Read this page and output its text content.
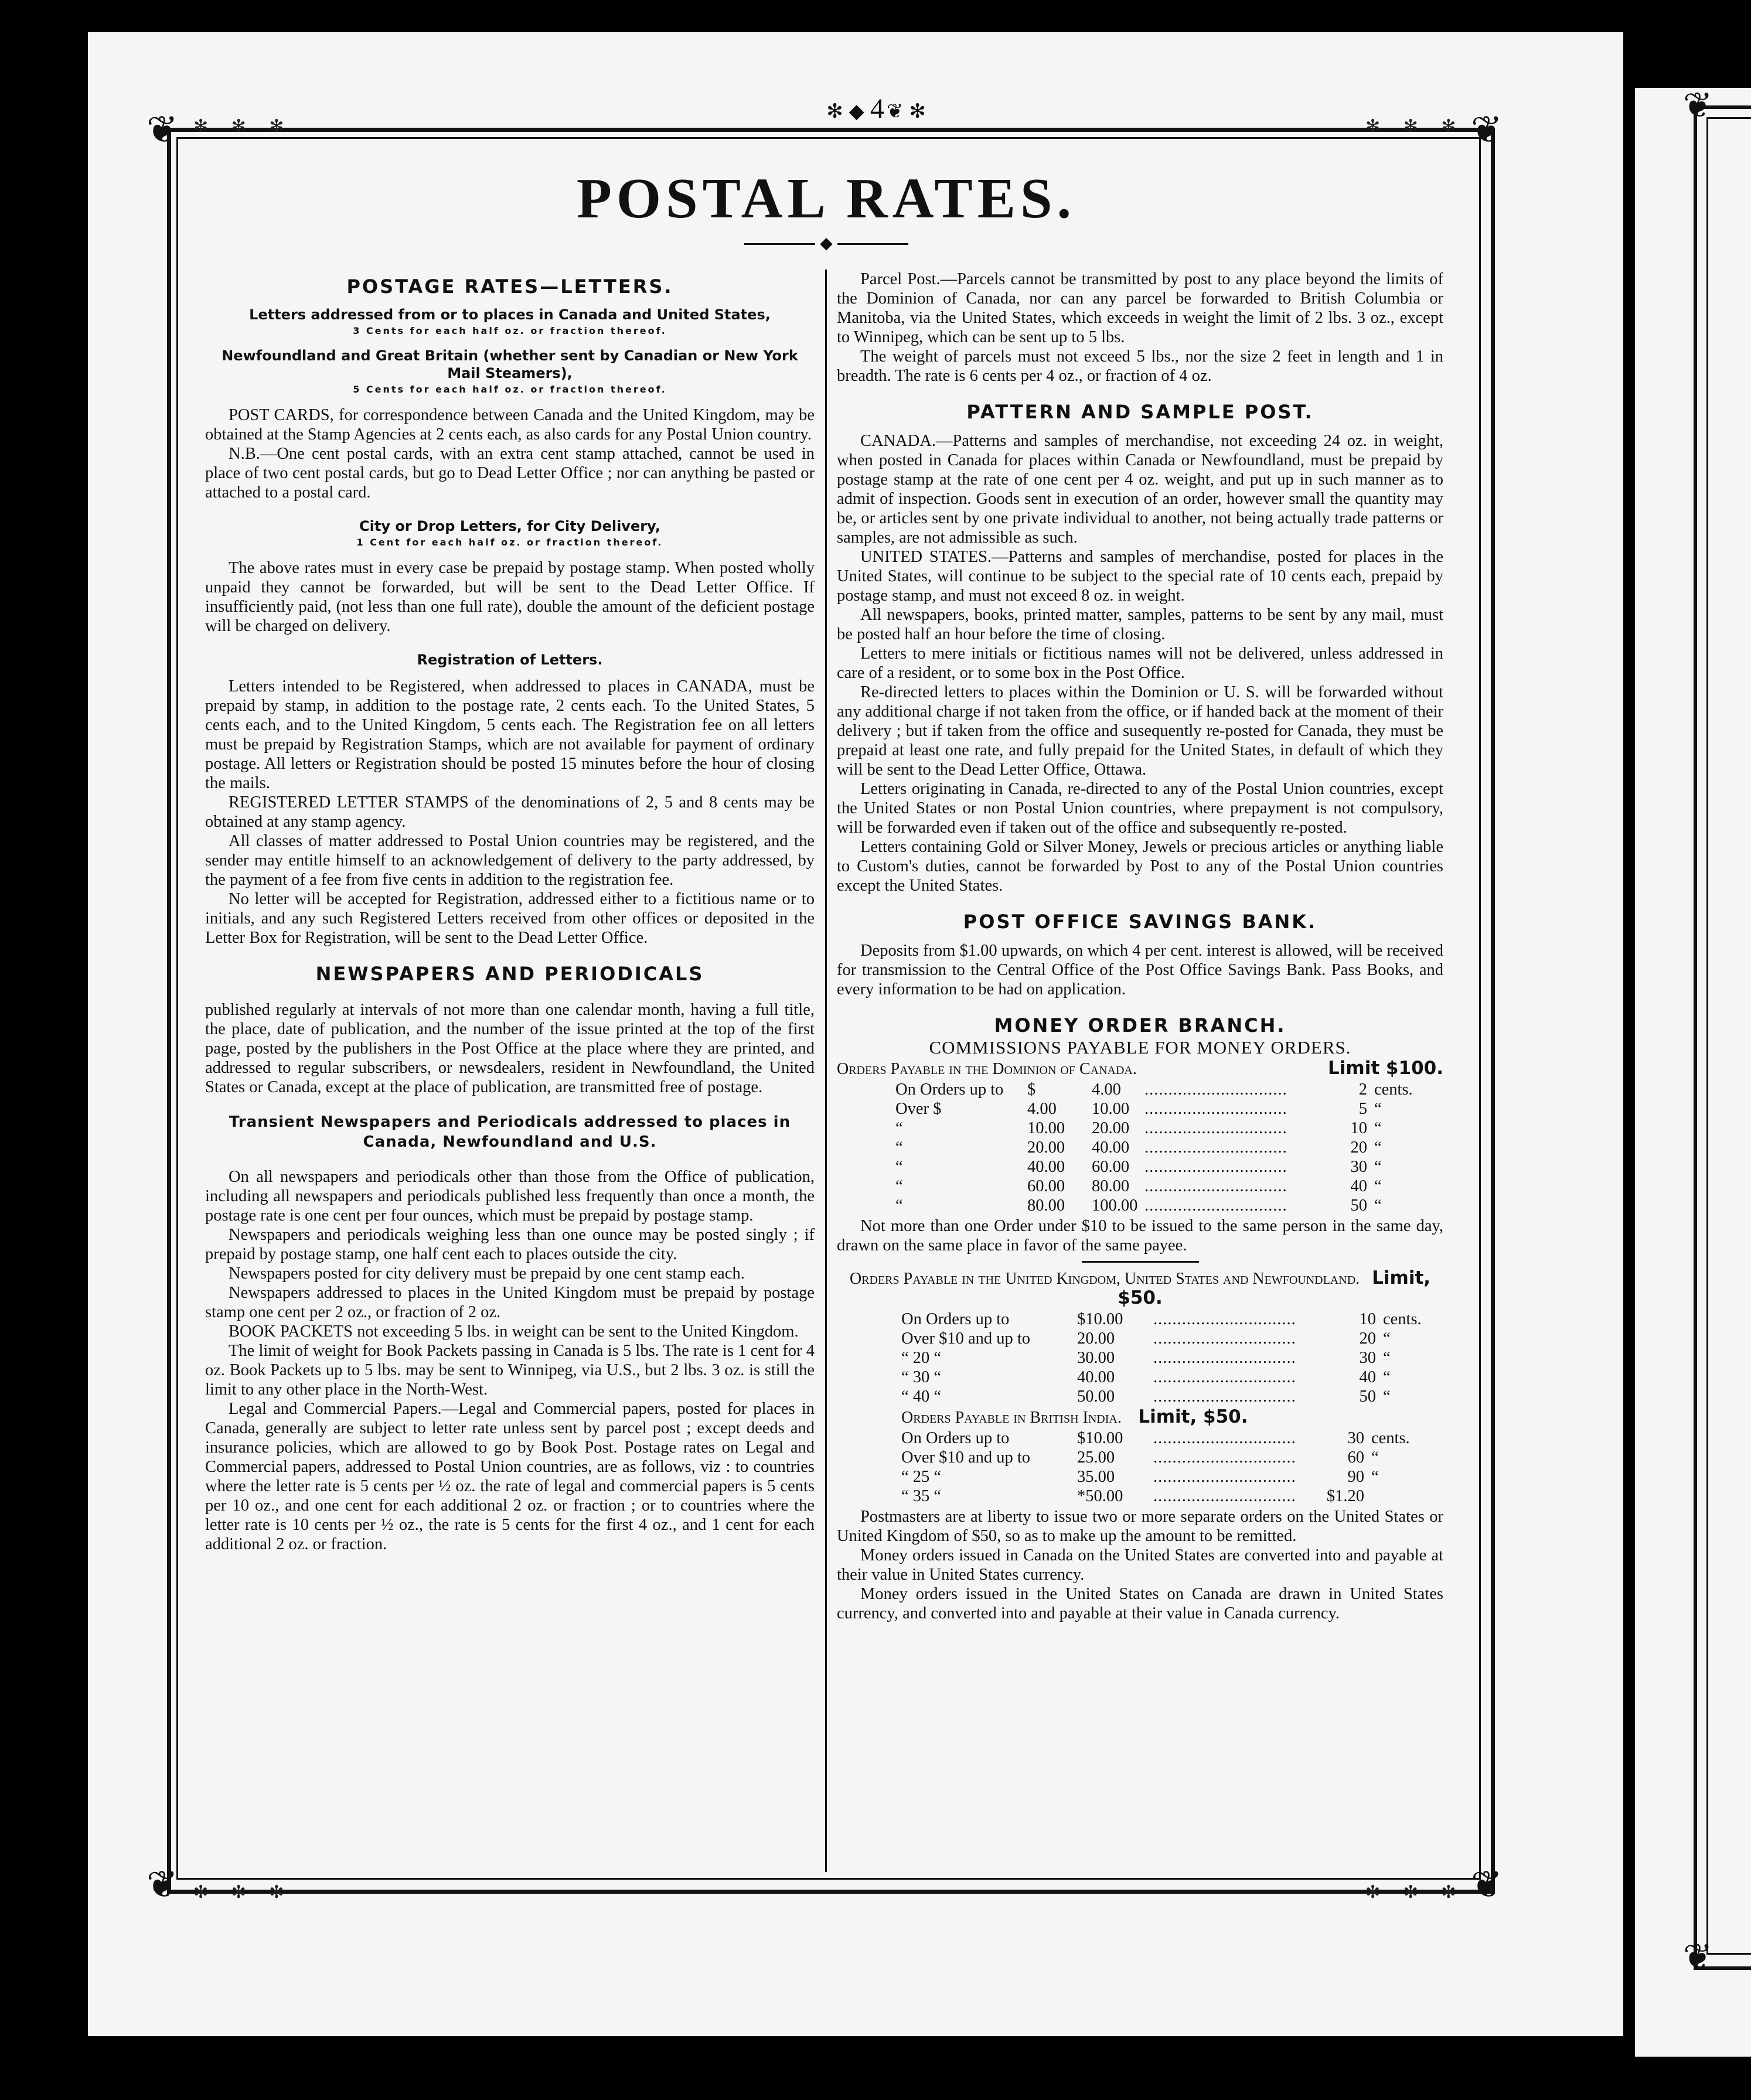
❦
❦
❦	❦
❦	❦
✻ ✻ ✻	✻ ✻ ✻
✻ ✻ ✻	✻ ✻ ✻
✻◆4❦✻
POSTAL RATES.
◆

POSTAGE RATES—LETTERS.

Letters addressed from or to places in Canada and United States,

3 Cents for each half oz. or fraction thereof.

Newfoundland and Great Britain (whether sent by Canadian or New York Mail Steamers),

5 Cents for each half oz. or fraction thereof.

POST CARDS, for correspondence between Canada and the United Kingdom, may be obtained at the Stamp Agencies at 2 cents each, as also cards for any Postal Union country.

N.B.—One cent postal cards, with an extra cent stamp attached, cannot be used in place of two cent postal cards, but go to Dead Letter Office ; nor can anything be pasted or attached to a postal card.

City or Drop Letters, for City Delivery,

1 Cent for each half oz. or fraction thereof.

The above rates must in every case be prepaid by postage stamp. When posted wholly unpaid they cannot be forwarded, but will be sent to the Dead Letter Office. If insufficiently paid, (not less than one full rate), double the amount of the deficient postage will be charged on delivery.

Registration of Letters.

Letters intended to be Registered, when addressed to places in CANADA, must be prepaid by stamp, in addition to the postage rate, 2 cents each. To the United States, 5 cents each, and to the United Kingdom, 5 cents each. The Registration fee on all letters must be prepaid by Registration Stamps, which are not available for payment of ordinary postage. All letters or Registration should be posted 15 minutes before the hour of closing the mails.

REGISTERED LETTER STAMPS of the denominations of 2, 5 and 8 cents may be obtained at any stamp agency.

All classes of matter addressed to Postal Union countries may be registered, and the sender may entitle himself to an acknowledgement of delivery to the party addressed, by the payment of a fee from five cents in addition to the registration fee.

No letter will be accepted for Registration, addressed either to a fictitious name or to initials, and any such Registered Letters received from other offices or deposited in the Letter Box for Registration, will be sent to the Dead Letter Office.

NEWSPAPERS AND PERIODICALS

published regularly at intervals of not more than one calendar month, having a full title, the place, date of publication, and the number of the issue printed at the top of the first page, posted by the publishers in the Post Office at the place where they are printed, and addressed to regular subscribers, or newsdealers, resident in Newfoundland, the United States or Canada, except at the place of publication, are transmitted free of postage.

Transient Newspapers and Periodicals addressed to places in Canada, Newfoundland and U.S.

On all newspapers and periodicals other than those from the Office of publication, including all newspapers and periodicals published less frequently than once a month, the postage rate is one cent per four ounces, which must be prepaid by postage stamp.

Newspapers and periodicals weighing less than one ounce may be posted singly ; if prepaid by postage stamp, one half cent each to places outside the city.

Newspapers posted for city delivery must be prepaid by one cent stamp each.

Newspapers addressed to places in the United Kingdom must be prepaid by postage stamp one cent per 2 oz., or fraction of 2 oz.

BOOK PACKETS not exceeding 5 lbs. in weight can be sent to the United Kingdom.

The limit of weight for Book Packets passing in Canada is 5 lbs. The rate is 1 cent for 4 oz. Book Packets up to 5 lbs. may be sent to Winnipeg, via U.S., but 2 lbs. 3 oz. is still the limit to any other place in the North-West.

Legal and Commercial Papers.—Legal and Commercial papers, posted for places in Canada, generally are subject to letter rate unless sent by parcel post ; except deeds and insurance policies, which are allowed to go by Book Post. Postage rates on Legal and Commercial papers, addressed to Postal Union countries, are as follows, viz : to countries where the letter rate is 5 cents per ½ oz. the rate of legal and commercial papers is 5 cents per 10 oz., and one cent for each additional 2 oz. or fraction ; or to countries where the letter rate is 10 cents per ½ oz., the rate is 5 cents for the first 4 oz., and 1 cent for each additional 2 oz. or fraction.

Parcel Post.—Parcels cannot be transmitted by post to any place beyond the limits of the Dominion of Canada, nor can any parcel be forwarded to British Columbia or Manitoba, via the United States, which exceeds in weight the limit of 2 lbs. 3 oz., except to Winnipeg, which can be sent up to 5 lbs.

The weight of parcels must not exceed 5 lbs., nor the size 2 feet in length and 1 in breadth. The rate is 6 cents per 4 oz., or fraction of 4 oz.

PATTERN AND SAMPLE POST.

CANADA.—Patterns and samples of merchandise, not exceeding 24 oz. in weight, when posted in Canada for places within Canada or Newfoundland, must be prepaid by postage stamp at the rate of one cent per 4 oz. weight, and put up in such manner as to admit of inspection. Goods sent in execution of an order, however small the quantity may be, or articles sent by one private individual to another, not being actually trade patterns or samples, are not admissible as such.

UNITED STATES.—Patterns and samples of merchandise, posted for places in the United States, will continue to be subject to the special rate of 10 cents each, prepaid by postage stamp, and must not exceed 8 oz. in weight.

All newspapers, books, printed matter, samples, patterns to be sent by any mail, must be posted half an hour before the time of closing.

Letters to mere initials or fictitious names will not be delivered, unless addressed in care of a resident, or to some box in the Post Office.

Re-directed letters to places within the Dominion or U. S. will be forwarded without any additional charge if not taken from the office, or if handed back at the moment of their delivery ; but if taken from the office and susequently re-posted for Canada, they must be prepaid at least one rate, and fully prepaid for the United States, in default of which they will be sent to the Dead Letter Office, Ottawa.

Letters originating in Canada, re-directed to any of the Postal Union countries, except the United States or non Postal Union countries, where prepayment is not compulsory, will be forwarded even if taken out of the office and subsequently re-posted.

Letters containing Gold or Silver Money, Jewels or precious articles or anything liable to Custom's duties, cannot be forwarded by Post to any of the Postal Union countries except the United States.

POST OFFICE SAVINGS BANK.

Deposits from $1.00 upwards, on which 4 per cent. interest is allowed, will be received for transmission to the Central Office of the Post Office Savings Bank. Pass Books, and every information to be had on application.

MONEY ORDER BRANCH.

COMMISSIONS PAYABLE FOR MONEY ORDERS.

Orders Payable in the Dominion of Canada.	Limit $100.

On Orders up to	$	4.00	..............................	2	cents.
Over $	4.00	10.00	..............................	5	“
“	10.00	20.00	..............................	10	“
“	20.00	40.00	..............................	20	“
“	40.00	60.00	..............................	30	“
“	60.00	80.00	..............................	40	“
“	80.00	100.00	..............................	50	“

Not more than one Order under $10 to be issued to the same person in the same day, drawn on the same place in favor of the same payee.

Orders Payable in the United Kingdom, United States and Newfoundland. Limit, $50.

On Orders up to	$10.00	..............................	10	cents.
Over $10 and up to	20.00	..............................	20	“
“ 20 “	30.00	..............................	30	“
“ 30 “	40.00	..............................	40	“
“ 40 “	50.00	..............................	50	“

Orders Payable in British India. Limit, $50.

On Orders up to	$10.00	..............................	30	cents.
Over $10 and up to	25.00	..............................	60	“
“ 25 “	35.00	..............................	90	“
“ 35 “	*50.00	..............................	$1.20	

Postmasters are at liberty to issue two or more separate orders on the United States or United Kingdom of $50, so as to make up the amount to be remitted.

Money orders issued in Canada on the United States are converted into and payable at their value in United States currency.

Money orders issued in the United States on Canada are drawn in United States currency, and converted into and payable at their value in Canada currency.
